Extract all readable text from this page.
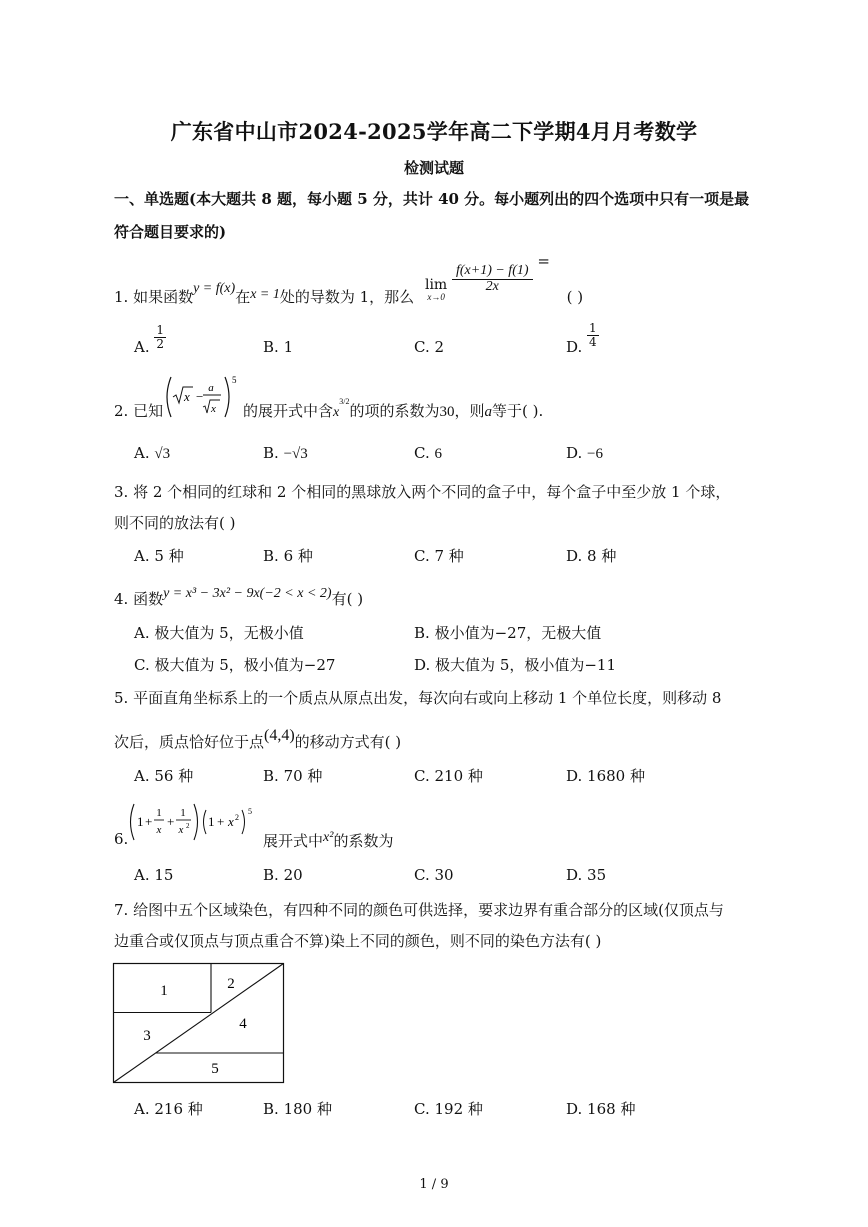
广东省中山市2024-2025学年高二下学期4月月考数学
检测试题
一、单选题(本大题共 8 题，每小题 5 分，共计 40 分。每小题列出的四个选项中只有一项是最
符合题目要求的)
1. 如果函数y = f(x)在x = 1处的导数为 1，那么
lim
x→0

$\frac{f(x+1) - f(1)}{2x}$
= ( )
A. $\frac{1}{2}$	B. 1	C. 2	D. $\frac{1}{4}$
2. 已知
x −
a
x
5
的展开式中含$x^{3/2}$的项的系数为30，则a等于( ).
A. √3	B. −√3	C. 6	D. −6
3. 将 2 个相同的红球和 2 个相同的黑球放入两个不同的盒子中，每个盒子中至少放 1 个球，
则不同的放法有( )
A. 5 种	B. 6 种	C. 7 种	D. 8 种
4. 函数y = x³ − 3x² − 9x(−2 < x < 2)有( )
A. 极大值为 5，无极小值	B. 极小值为−27，无极大值
C. 极大值为 5，极小值为−27	D. 极大值为 5，极小值为−11
5. 平面直角坐标系上的一个质点从原点出发，每次向右或向上移动 1 个单位长度，则移动 8
次后，质点恰好位于点(4,4)的移动方式有( )
A. 56 种	B. 70 种	C. 210 种	D. 1680 种
6.
1 +
1
x
+
1
x 2 1 + x 2
5
展开式中x²的系数为
A. 15	B. 20	C. 30	D. 35
7. 给图中五个区域染色，有四种不同的颜色可供选择，要求边界有重合部分的区域(仅顶点与
边重合或仅顶点与顶点重合不算)染上不同的颜色，则不同的染色方法有( )
1	2
3
4
5
A. 216 种	B. 180 种	C. 192 种	D. 168 种
1 / 9
